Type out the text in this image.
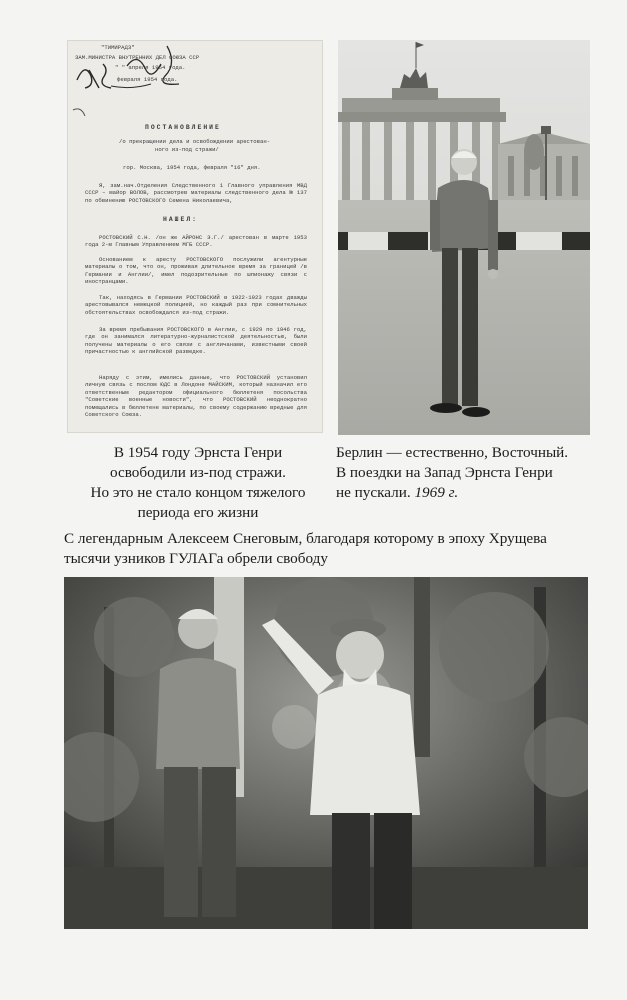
"ТИМИРАДЗ"
ЗАМ.МИНИСТРА ВНУТРЕННИХ ДЕЛ СОЮЗА ССР
" " апреля 1954 года.
февраля 1954 года.
ПОСТАНОВЛЕНИЕ
/о прекращении дела и освобождении арестован-
ного из-под стражи/
гор. Москва, 1954 года, февраля "16" дня.
Я, зам.нач.Отделения Следственного 1 Главного управления МВД СССР – майор ВОЛОВ, рассмотрев материалы следственного дела № 137 по обвинению РОСТОВСКОГО Семена Николаевича,
НАШЕЛ:
РОСТОВСКИЙ С.Н. /он же АЙРОНС Э.Г./ арестован в марте 1953 года 2-м Главным Управлением МГБ СССР.
Основанием к аресту РОСТОВСКОГО послужили агентурные материалы о том, что он, проживая длительное время за границей /в Германии и Англии/, имел подозрительные по шпионажу связи с иностранцами.
Так, находясь в Германии РОСТОВСКИЙ в 1922-1923 годах дважды арестовывался немецкой полицией, но каждый раз при сомнительных обстоятельствах освобождался из-под стражи.
За время пребывания РОСТОВСКОГО в Англии, с 1929 по 1946 год, где он занимался литературно-журналистской деятельностью, были получены материалы о его связи с англичанами, известными своей причастностью к английской разведке.
Наряду с этим, имелись данные, что РОСТОВСКИЙ установил личную связь с послом ЮДС в Лондоне МАЙСКИМ, который назначил его ответственным редактором официального бюллетеня посольства "Советские военные новости", что РОСТОВСКИЙ неоднократно помещались в бюллетене материалы, по своему содержанию вредные для Советского Союза.
В 1954 году Эрнста Генри
освободили из-под стражи.
Но это не стало концом тяжелого
периода его жизни
Берлин — естественно, Восточный.
В поездки на Запад Эрнста Генри
не пускали. 1969 г.
С легендарным Алексеем Снеговым, благодаря которому в эпоху Хрущева
тысячи узников ГУЛАГа обрели свободу
